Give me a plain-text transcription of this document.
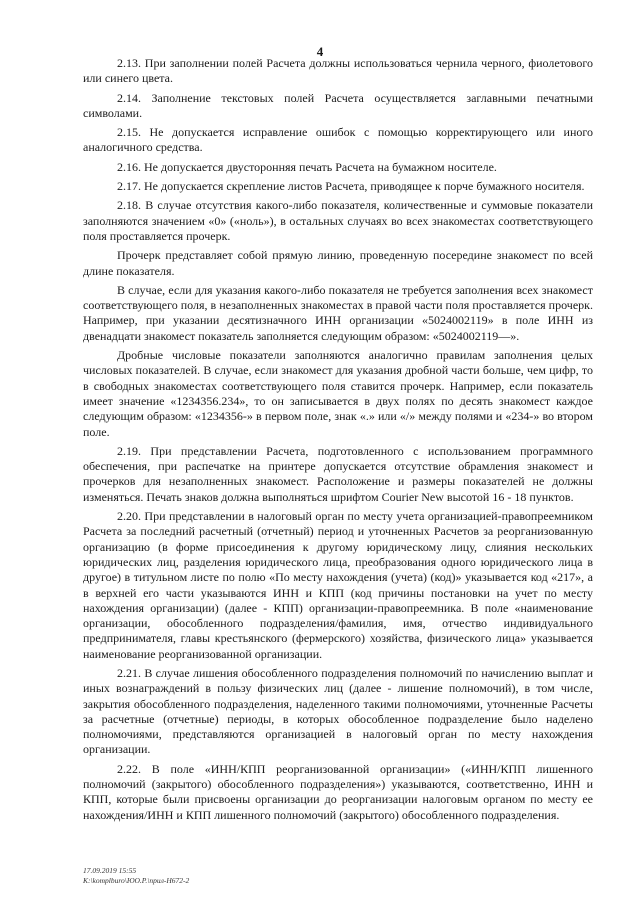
4

2.13. При заполнении полей Расчета должны использоваться чернила черного, фиолетового или синего цвета.

2.14. Заполнение текстовых полей Расчета осуществляется заглавными печатными символами.

2.15. Не допускается исправление ошибок с помощью корректирующего или иного аналогичного средства.

2.16. Не допускается двусторонняя печать Расчета на бумажном носителе.

2.17. Не допускается скрепление листов Расчета, приводящее к порче бумажного носителя.

2.18. В случае отсутствия какого-либо показателя, количественные и суммовые показатели заполняются значением «0» («ноль»), в остальных случаях во всех знакоместах соответствующего поля проставляется прочерк.

Прочерк представляет собой прямую линию, проведенную посередине знакомест по всей длине показателя.

В случае, если для указания какого-либо показателя не требуется заполнения всех знакомест соответствующего поля, в незаполненных знакоместах в правой части поля проставляется прочерк. Например, при указании десятизначного ИНН организации «5024002119» в поле ИНН из двенадцати знакомест показатель заполняется следующим образом: «5024002119—».

Дробные числовые показатели заполняются аналогично правилам заполнения целых числовых показателей. В случае, если знакомест для указания дробной части больше, чем цифр, то в свободных знакоместах соответствующего поля ставится прочерк. Например, если показатель имеет значение «1234356.234», то он записывается в двух полях по десять знакомест каждое следующим образом: «1234356-» в первом поле, знак «.» или «/» между полями и «234-» во втором поле.

2.19. При представлении Расчета, подготовленного с использованием программного обеспечения, при распечатке на принтере допускается отсутствие обрамления знакомест и прочерков для незаполненных знакомест. Расположение и размеры показателей не должны изменяться. Печать знаков должна выполняться шрифтом Courier New высотой 16 - 18 пунктов.

2.20. При представлении в налоговый орган по месту учета организацией-правопреемником Расчета за последний расчетный (отчетный) период и уточненных Расчетов за реорганизованную организацию (в форме присоединения к другому юридическому лицу, слияния нескольких юридических лиц, разделения юридического лица, преобразования одного юридического лица в другое) в титульном листе по полю «По месту нахождения (учета) (код)» указывается код «217», а в верхней его части указываются ИНН и КПП (код причины постановки на учет по месту нахождения организации) (далее - КПП) организации-правопреемника. В поле «наименование организации, обособленного подразделения/фамилия, имя, отчество индивидуального предпринимателя, главы крестьянского (фермерского) хозяйства, физического лица» указывается наименование реорганизованной организации.

2.21. В случае лишения обособленного подразделения полномочий по начислению выплат и иных вознаграждений в пользу физических лиц (далее - лишение полномочий), в том числе, закрытия обособленного подразделения, наделенного такими полномочиями, уточненные Расчеты за расчетные (отчетные) периоды, в которых обособленное подразделение было наделено полномочиями, представляются организацией в налоговый орган по месту нахождения организации.

2.22. В поле «ИНН/КПП реорганизованной организации» («ИНН/КПП лишенного полномочий (закрытого) обособленного подразделения») указываются, соответственно, ИНН и КПП, которые были присвоены организации до реорганизации налоговым органом по месту ее нахождения/ИНН и КПП лишенного полномочий (закрытого) обособленного подразделения.

17.09.2019 15:55
К:\komplburo\ЮО.P.\прил-Н672-2
